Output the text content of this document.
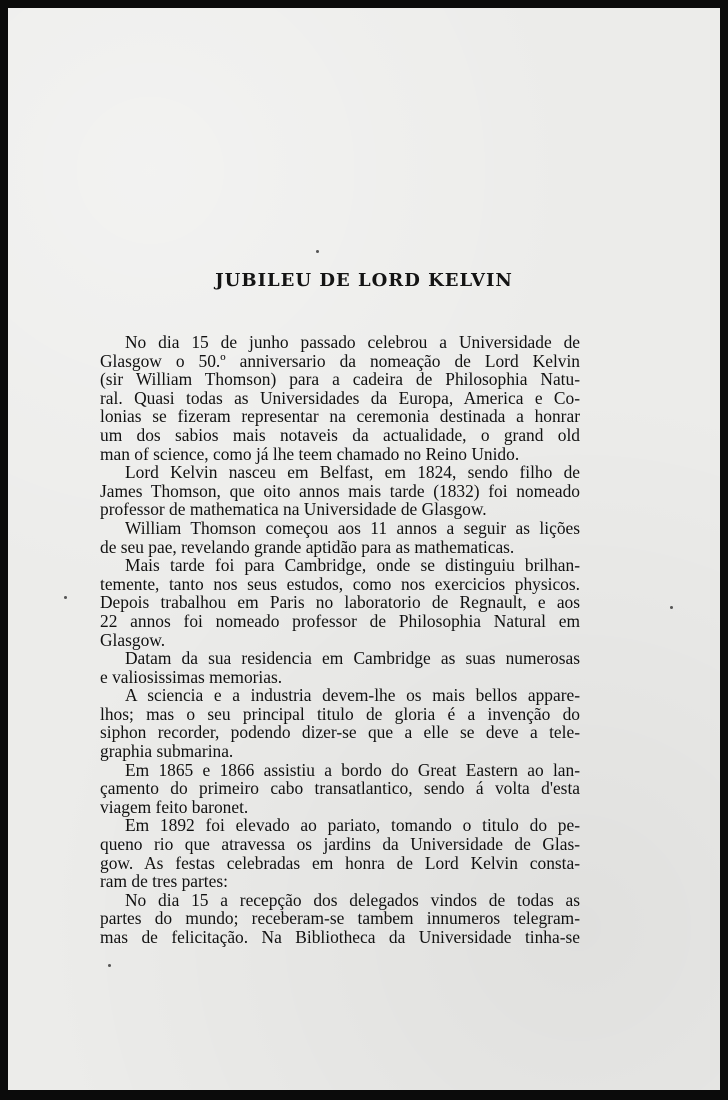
JUBILEU DE LORD KELVIN
No dia 15 de junho passado celebrou a Universidade de
Glasgow o 50.º anniversario da nomeação de Lord Kelvin
(sir William Thomson) para a cadeira de Philosophia Natu-
ral. Quasi todas as Universidades da Europa, America e Co-
lonias se fizeram representar na ceremonia destinada a honrar
um dos sabios mais notaveis da actualidade, o grand old
man of science, como já lhe teem chamado no Reino Unido.
Lord Kelvin nasceu em Belfast, em 1824, sendo filho de
James Thomson, que oito annos mais tarde (1832) foi nomeado
professor de mathematica na Universidade de Glasgow.
William Thomson começou aos 11 annos a seguir as lições
de seu pae, revelando grande aptidão para as mathematicas.
Mais tarde foi para Cambridge, onde se distinguiu brilhan-
temente, tanto nos seus estudos, como nos exercicios physicos.
Depois trabalhou em Paris no laboratorio de Regnault, e aos
22 annos foi nomeado professor de Philosophia Natural em
Glasgow.
Datam da sua residencia em Cambridge as suas numerosas
e valiosissimas memorias.
A sciencia e a industria devem-lhe os mais bellos appare-
lhos; mas o seu principal titulo de gloria é a invenção do
siphon recorder, podendo dizer-se que a elle se deve a tele-
graphia submarina.
Em 1865 e 1866 assistiu a bordo do Great Eastern ao lan-
çamento do primeiro cabo transatlantico, sendo á volta d'esta
viagem feito baronet.
Em 1892 foi elevado ao pariato, tomando o titulo do pe-
queno rio que atravessa os jardins da Universidade de Glas-
gow. As festas celebradas em honra de Lord Kelvin consta-
ram de tres partes:
No dia 15 a recepção dos delegados vindos de todas as
partes do mundo; receberam-se tambem innumeros telegram-
mas de felicitação. Na Bibliotheca da Universidade tinha-se
